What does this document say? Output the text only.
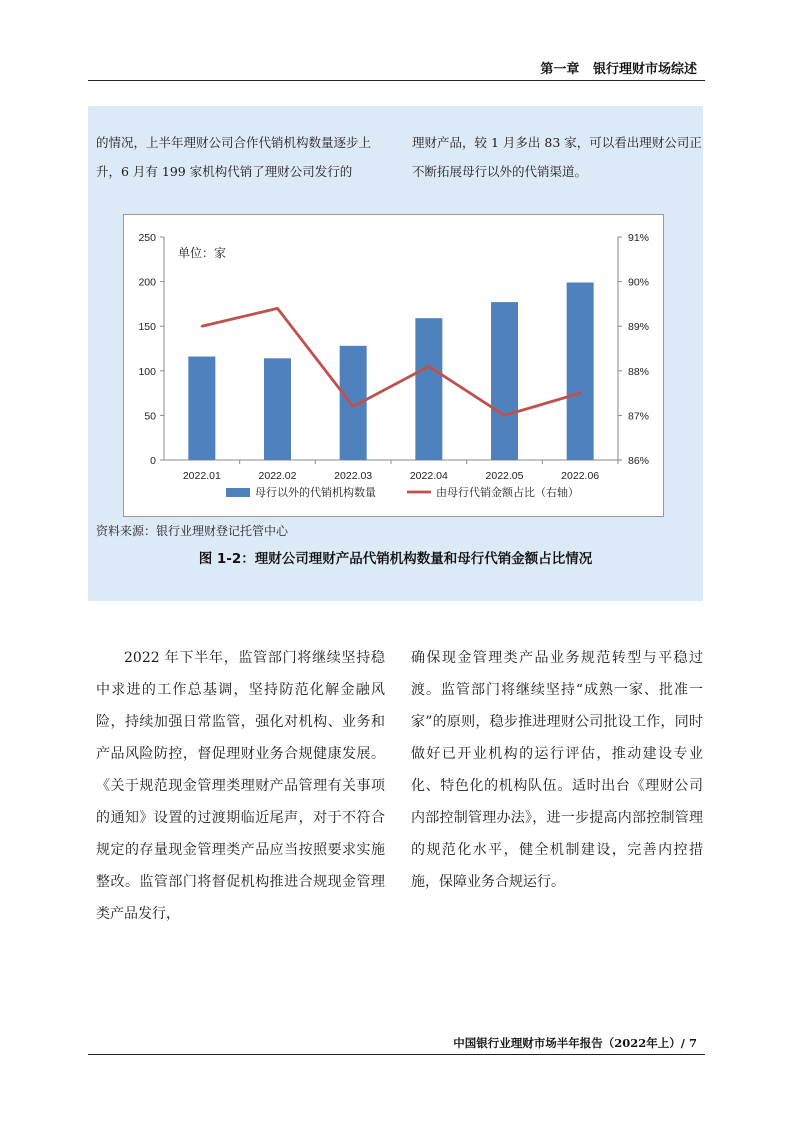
第一章 银行理财市场综述
的情况，上半年理财公司合作代销机构数量逐步上升，6 月有 199 家机构代销了理财公司发行的
理财产品，较 1 月多出 83 家，可以看出理财公司正不断拓展母行以外的代销渠道。
0
50
100
150
200
250
86%
87%
88%
89%
90%
91%
单位：家
2022.01	2022.02	2022.03	2022.04	2022.05	2022.06
母行以外的代销机构数量	由母行代销金额占比（右轴）
资料来源：银行业理财登记托管中心
图 1-2：理财公司理财产品代销机构数量和母行代销金额占比情况

2022 年下半年，监管部门将继续坚持稳中求进的工作总基调，坚持防范化解金融风险，持续加强日常监管，强化对机构、业务和产品风险防控，督促理财业务合规健康发展。《关于规范现金管理类理财产品管理有关事项的通知》设置的过渡期临近尾声，对于不符合规定的存量现金管理类产品应当按照要求实施整改。监管部门将督促机构推进合规现金管理类产品发行，

确保现金管理类产品业务规范转型与平稳过渡。监管部门将继续坚持“成熟一家、批准一家”的原则，稳步推进理财公司批设工作，同时做好已开业机构的运行评估，推动建设专业化、特色化的机构队伍。适时出台《理财公司内部控制管理办法》，进一步提高内部控制管理的规范化水平，健全机制建设，完善内控措施，保障业务合规运行。

中国银行业理财市场半年报告（2022年上）/ 7
